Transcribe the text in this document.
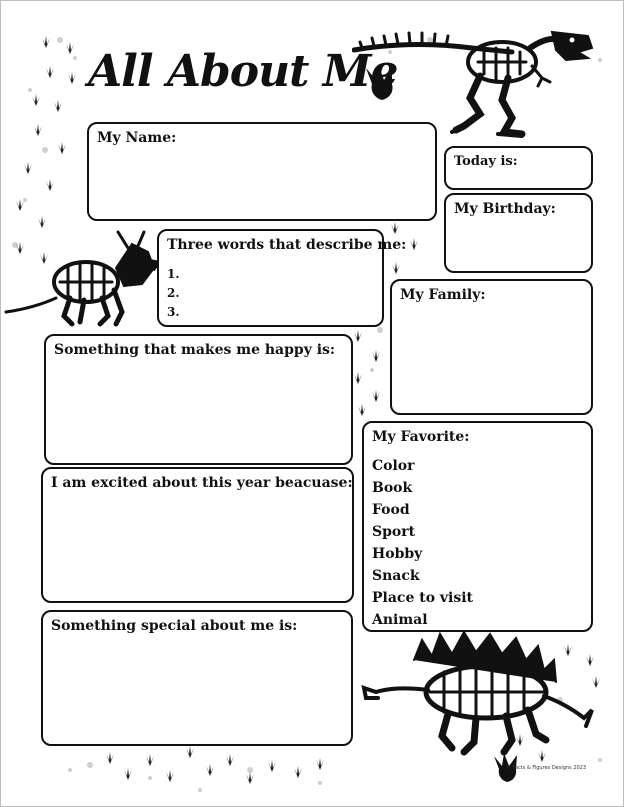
All About Me
My Name:
Today is:
My Birthday:
Three words that describe me:
1.
2.
3.
My Family:
Something that makes me happy is:
My Favorite:
Color
Book
Food
Sport
Hobby
Snack
Place to visit
Animal
I am excited about this year beacuase:
Something special about me is:
© Facts & Figures Designs 2023
